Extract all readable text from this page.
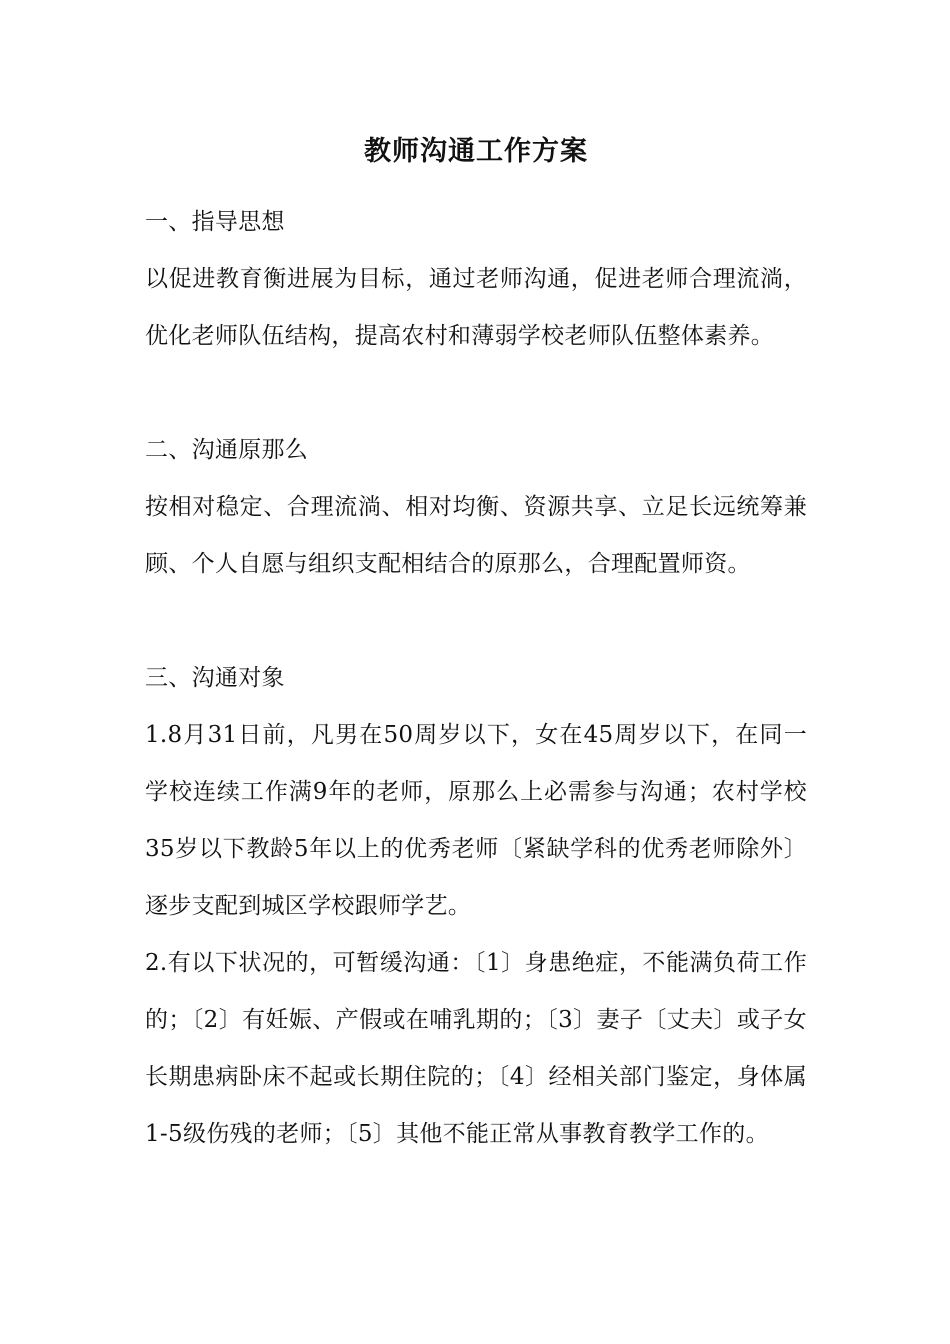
教师沟通工作方案
一、指导思想
以促进教育衡进展为目标，通过老师沟通，促进老师合理流淌，优化老师队伍结构，提高农村和薄弱学校老师队伍整体素养。
二、沟通原那么
按相对稳定、合理流淌、相对均衡、资源共享、立足长远统筹兼顾、个人自愿与组织支配相结合的原那么，合理配置师资。
三、沟通对象
1.8月31日前，凡男在50周岁以下，女在45周岁以下，在同一学校连续工作满9年的老师，原那么上必需参与沟通；农村学校35岁以下教龄5年以上的优秀老师〔紧缺学科的优秀老师除外〕逐步支配到城区学校跟师学艺。
2.有以下状况的，可暂缓沟通：〔1〕身患绝症，不能满负荷工作的；〔2〕有妊娠、产假或在哺乳期的；〔3〕妻子〔丈夫〕或子女长期患病卧床不起或长期住院的；〔4〕经相关部门鉴定，身体属1-5级伤残的老师；〔5〕其他不能正常从事教育教学工作的。
